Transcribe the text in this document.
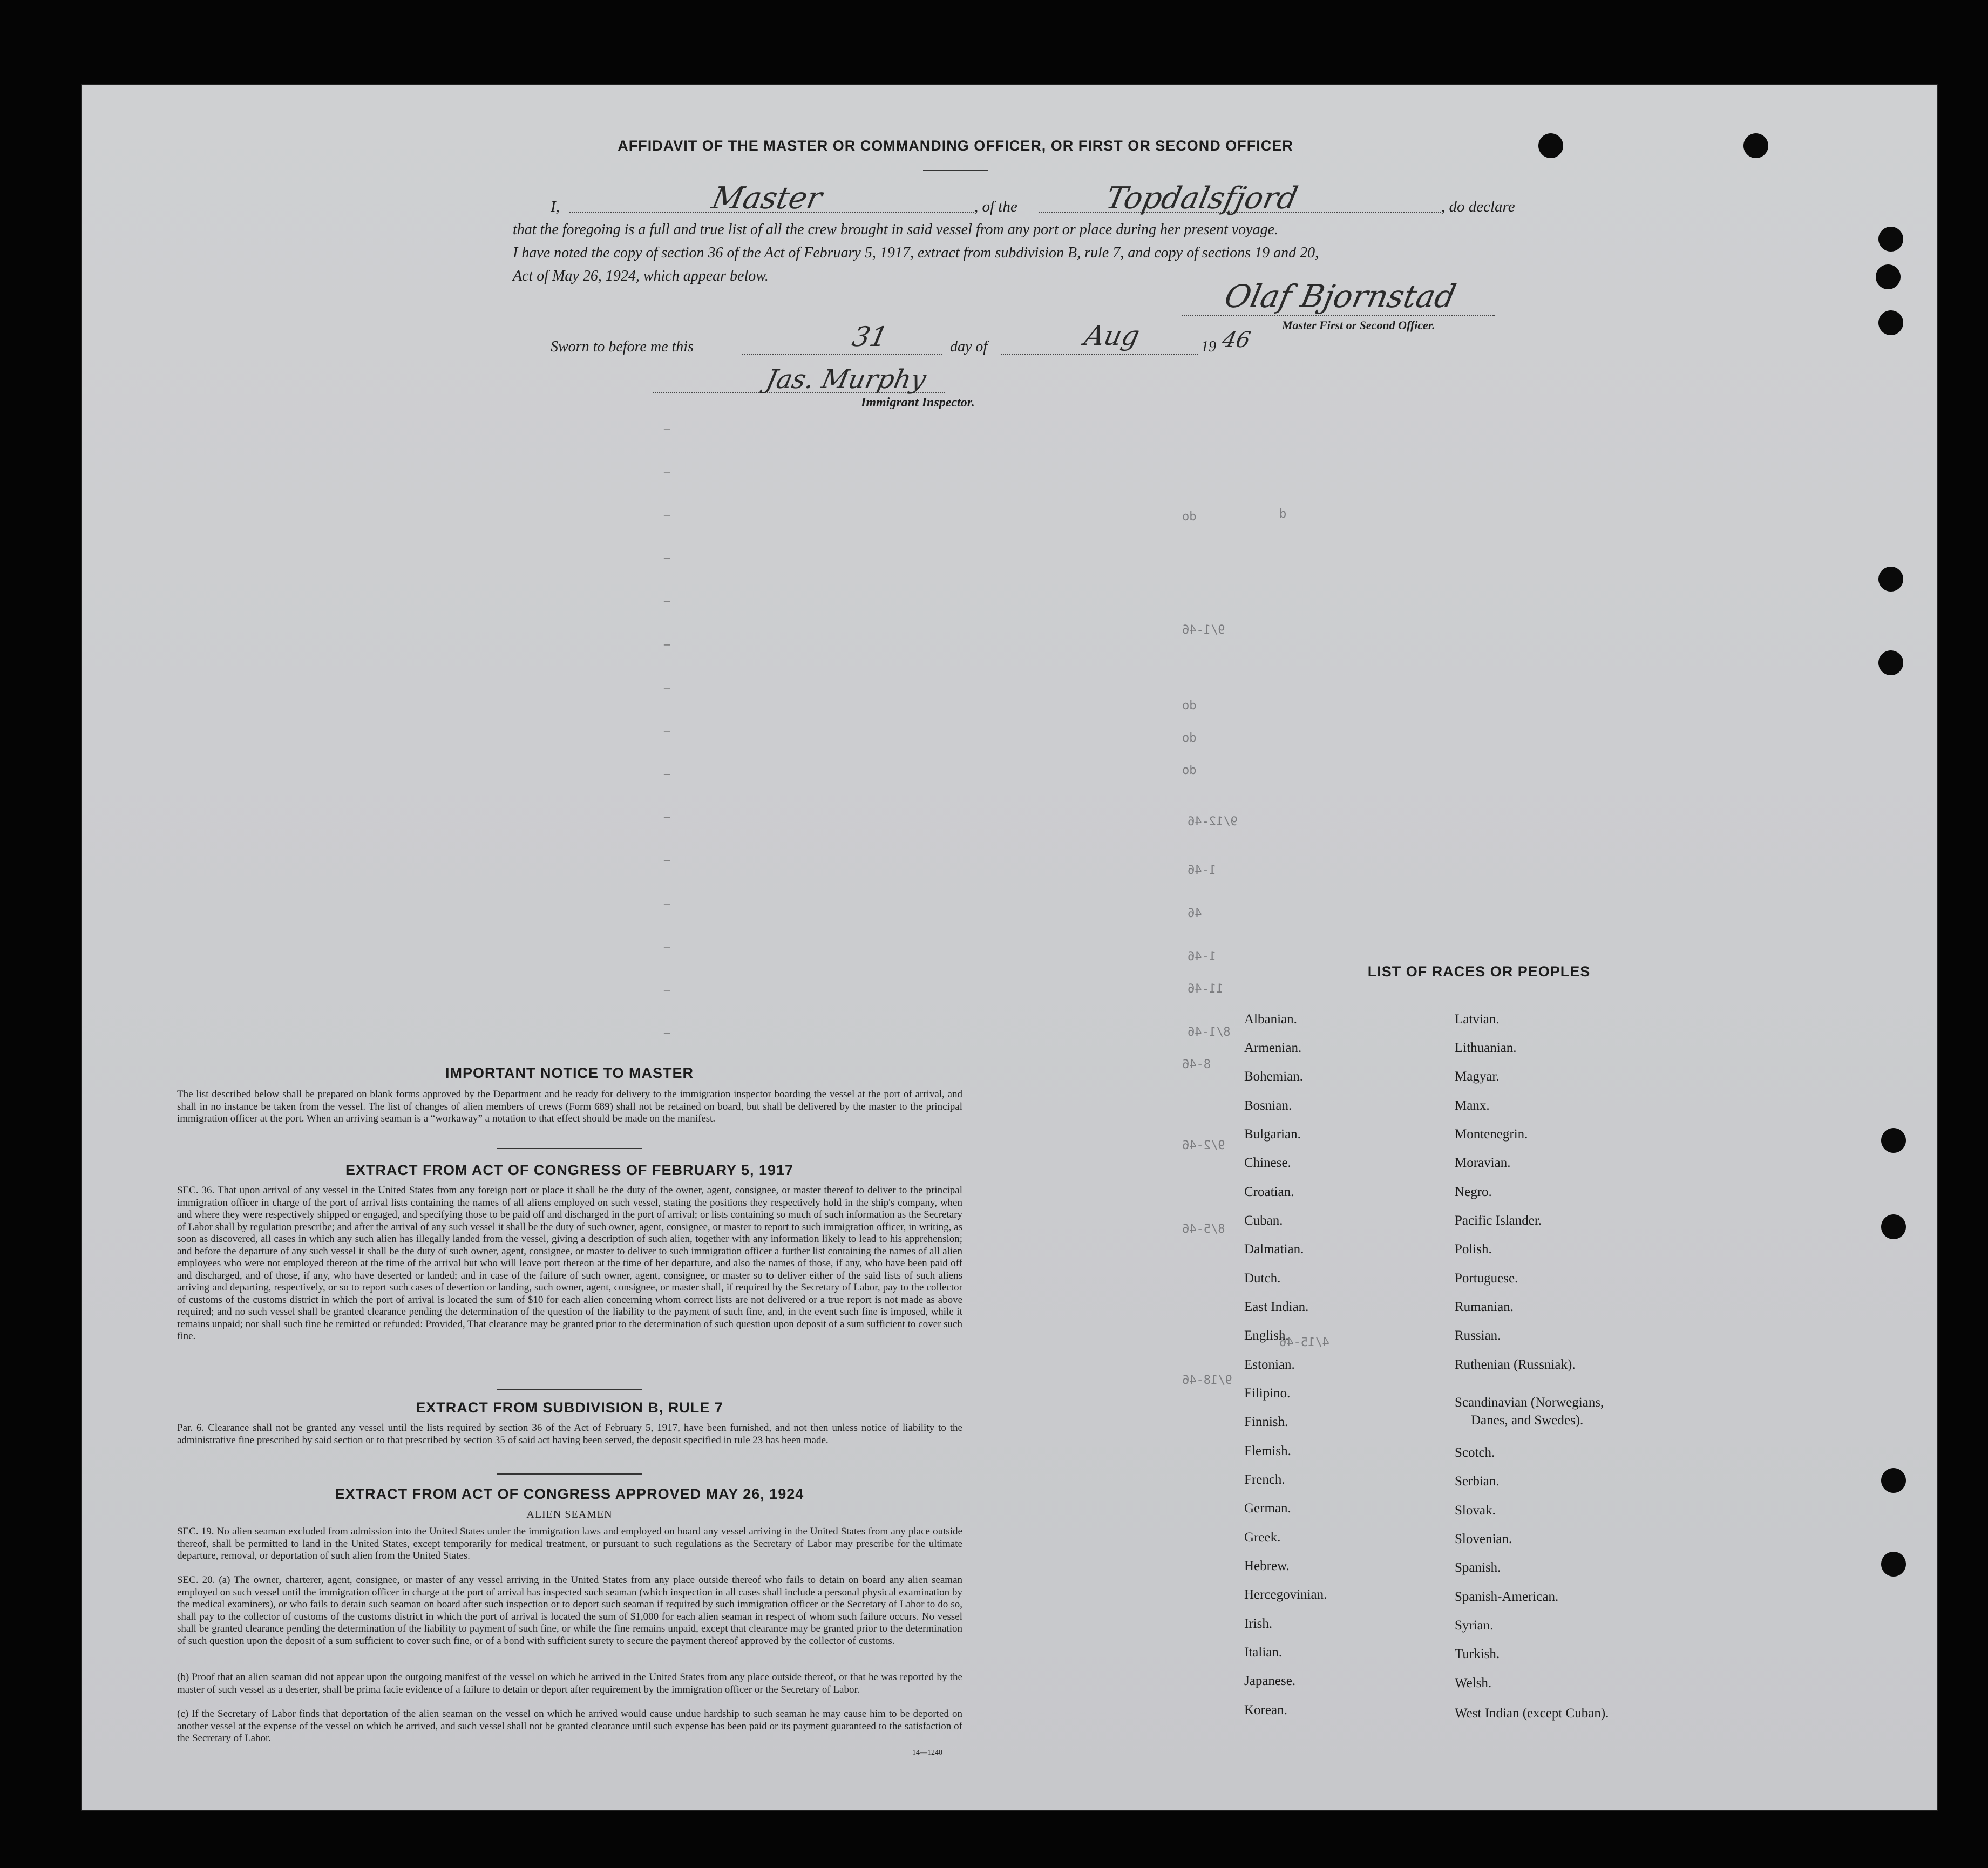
AFFIDAVIT OF THE MASTER OR COMMANDING OFFICER, OR FIRST OR SECOND OFFICER
I,	Master	, of the	Topdalsfjord	, do declare
that the foregoing is a full and true list of all the crew brought in said vessel from any port or place during her present voyage.
I have noted the copy of section 36 of the Act of February 5, 1917, extract from subdivision B, rule 7, and copy of sections 19 and 20,
Act of May 26, 1924, which appear below.
Olaf Bjornstad
Master First or Second Officer.
Sworn to before me this	31	day of	Aug	19 46
Jas. Murphy
Immigrant Inspector.
–
–
–
–
–
–
–
–
–
–
–
–
–
–
–
do	d
do
do
9/1-46
do
9/12-46
1-46
46
1-46
11-46
8/1-46
8-46
9/2-46
8/5-46
4/15-46
9/18-46
IMPORTANT NOTICE TO MASTER
The list described below shall be prepared on blank forms approved by the Department and be ready for delivery to the immigration inspector boarding the vessel at the port of arrival, and shall in no instance be taken from the vessel. The list of changes of alien members of crews (Form 689) shall not be retained on board, but shall be delivered by the master to the principal immigration officer at the port. When an arriving seaman is a “workaway” a notation to that effect should be made on the manifest.
EXTRACT FROM ACT OF CONGRESS OF FEBRUARY 5, 1917
SEC. 36. That upon arrival of any vessel in the United States from any foreign port or place it shall be the duty of the owner, agent, consignee, or master thereof to deliver to the principal immigration officer in charge of the port of arrival lists containing the names of all aliens employed on such vessel, stating the positions they respectively hold in the ship's company, when and where they were respectively shipped or engaged, and specifying those to be paid off and discharged in the port of arrival; or lists containing so much of such information as the Secretary of Labor shall by regulation prescribe; and after the arrival of any such vessel it shall be the duty of such owner, agent, consignee, or master to report to such immigration officer, in writing, as soon as discovered, all cases in which any such alien has illegally landed from the vessel, giving a description of such alien, together with any information likely to lead to his apprehension; and before the departure of any such vessel it shall be the duty of such owner, agent, consignee, or master to deliver to such immigration officer a further list containing the names of all alien employees who were not employed thereon at the time of the arrival but who will leave port thereon at the time of her departure, and also the names of those, if any, who have been paid off and discharged, and of those, if any, who have deserted or landed; and in case of the failure of such owner, agent, consignee, or master so to deliver either of the said lists of such aliens arriving and departing, respectively, or so to report such cases of desertion or landing, such owner, agent, consignee, or master shall, if required by the Secretary of Labor, pay to the collector of customs of the customs district in which the port of arrival is located the sum of $10 for each alien concerning whom correct lists are not delivered or a true report is not made as above required; and no such vessel shall be granted clearance pending the determination of the question of the liability to the payment of such fine, and, in the event such fine is imposed, while it remains unpaid; nor shall such fine be remitted or refunded: Provided, That clearance may be granted prior to the determination of such question upon deposit of a sum sufficient to cover such fine.
EXTRACT FROM SUBDIVISION B, RULE 7
Par. 6. Clearance shall not be granted any vessel until the lists required by section 36 of the Act of February 5, 1917, have been furnished, and not then unless notice of liability to the administrative fine prescribed by said section or to that prescribed by section 35 of said act having been served, the deposit specified in rule 23 has been made.
EXTRACT FROM ACT OF CONGRESS APPROVED MAY 26, 1924
ALIEN SEAMEN
SEC. 19. No alien seaman excluded from admission into the United States under the immigration laws and employed on board any vessel arriving in the United States from any place outside thereof, shall be permitted to land in the United States, except temporarily for medical treatment, or pursuant to such regulations as the Secretary of Labor may prescribe for the ultimate departure, removal, or deportation of such alien from the United States.
SEC. 20. (a) The owner, charterer, agent, consignee, or master of any vessel arriving in the United States from any place outside thereof who fails to detain on board any alien seaman employed on such vessel until the immigration officer in charge at the port of arrival has inspected such seaman (which inspection in all cases shall include a personal physical examination by the medical examiners), or who fails to detain such seaman on board after such inspection or to deport such seaman if required by such immigration officer or the Secretary of Labor to do so, shall pay to the collector of customs of the customs district in which the port of arrival is located the sum of $1,000 for each alien seaman in respect of whom such failure occurs. No vessel shall be granted clearance pending the determination of the liability to payment of such fine, or while the fine remains unpaid, except that clearance may be granted prior to the determination of such question upon the deposit of a sum sufficient to cover such fine, or of a bond with sufficient surety to secure the payment thereof approved by the collector of customs.
(b) Proof that an alien seaman did not appear upon the outgoing manifest of the vessel on which he arrived in the United States from any place outside thereof, or that he was reported by the master of such vessel as a deserter, shall be prima facie evidence of a failure to detain or deport after requirement by the immigration officer or the Secretary of Labor.
(c) If the Secretary of Labor finds that deportation of the alien seaman on the vessel on which he arrived would cause undue hardship to such seaman he may cause him to be deported on another vessel at the expense of the vessel on which he arrived, and such vessel shall not be granted clearance until such expense has been paid or its payment guaranteed to the satisfaction of the Secretary of Labor.
14—1240
LIST OF RACES OR PEOPLES
Albanian.
Armenian.
Bohemian.
Bosnian.
Bulgarian.
Chinese.
Croatian.
Cuban.
Dalmatian.
Dutch.
East Indian.
English.
Estonian.
Filipino.
Finnish.
Flemish.
French.
German.
Greek.
Hebrew.
Hercegovinian.
Irish.
Italian.
Japanese.
Korean.
Latvian.
Lithuanian.
Magyar.
Manx.
Montenegrin.
Moravian.
Negro.
Pacific Islander.
Polish.
Portuguese.
Rumanian.
Russian.
Ruthenian (Russniak).
Scandinavian (Norwegians,
Danes, and Swedes).
Scotch.
Serbian.
Slovak.
Slovenian.
Spanish.
Spanish-American.
Syrian.
Turkish.
Welsh.
West Indian (except Cuban).
